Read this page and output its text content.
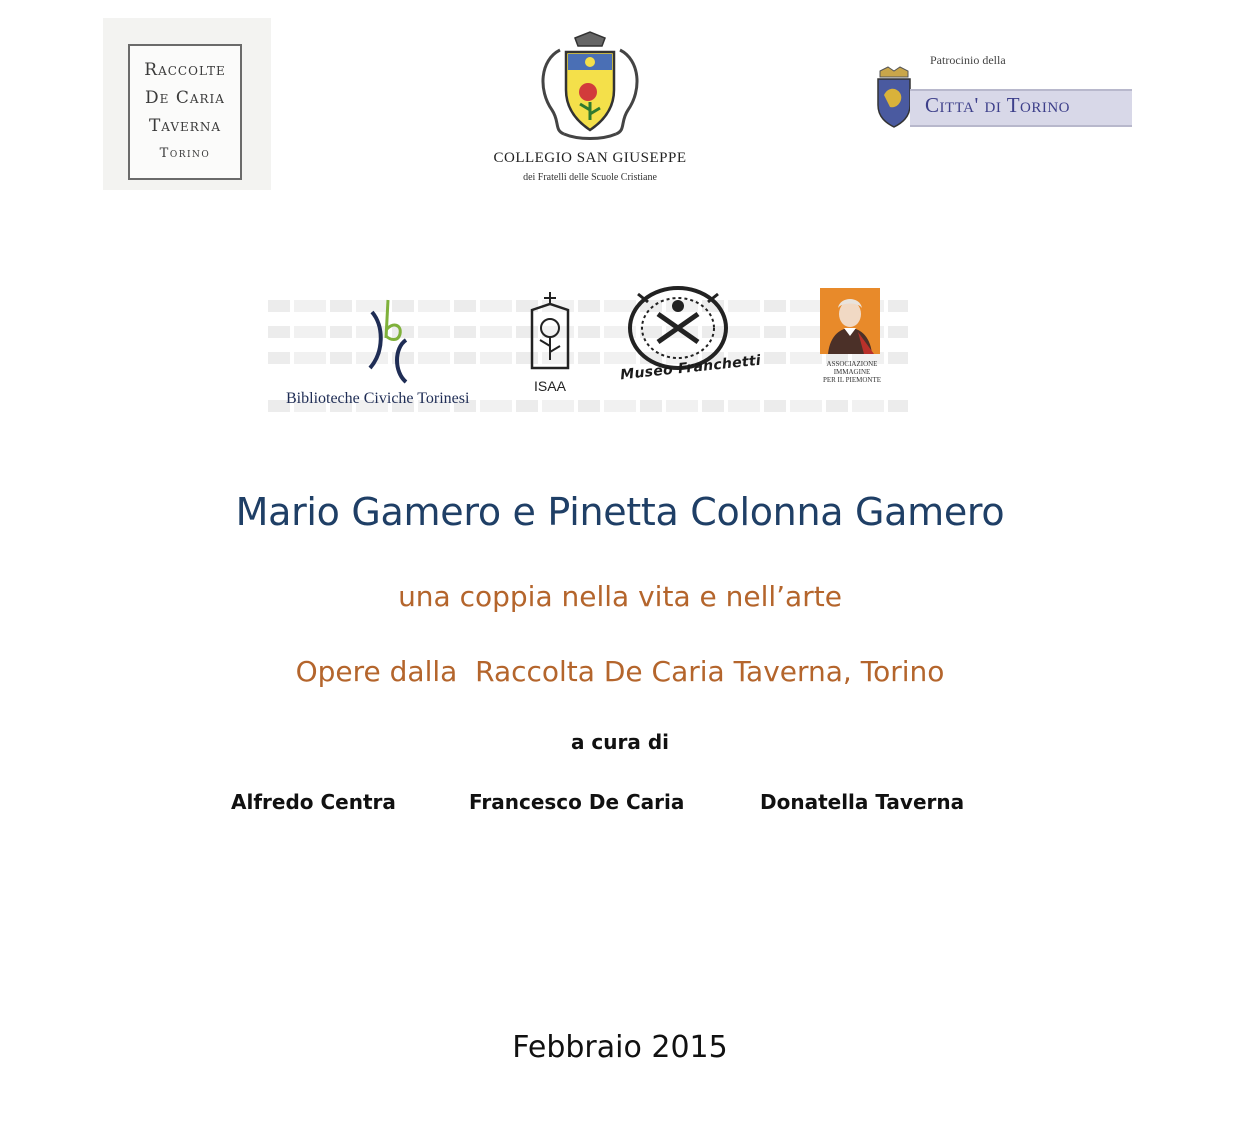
Raccolte
De Caria
Taverna
Torino	COLLEGIO SAN GIUSEPPE
dei Fratelli delle Scuole Cristiane
Patrocinio della
Citta' di Torino
Biblioteche Civiche Torinesi
ISAA
Museo Franchetti	ASSOCIAZIONE
IMMAGINE
PER IL PIEMONTE
Mario Gamero e Pinetta Colonna Gamero
una coppia nella vita e nell’arte
Opere dalla  Raccolta De Caria Taverna, Torino
a cura di
Alfredo Centra	Francesco De Caria	Donatella Taverna
Febbraio 2015
